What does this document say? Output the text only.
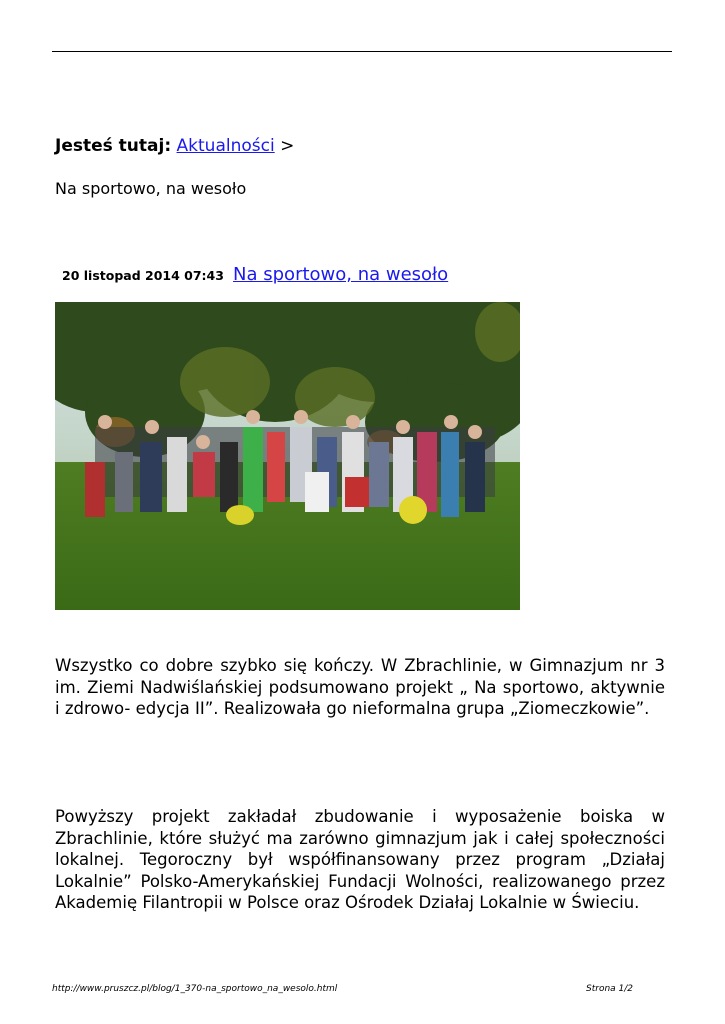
Jesteś tutaj: Aktualności >
Na sportowo, na wesoło
20 listopad 2014 07:43 Na sportowo, na wesoło
Wszystko co dobre szybko się kończy. W Zbrachlinie, w Gimnazjum nr 3 im. Ziemi Nadwiślańskiej podsumowano projekt „ Na sportowo, aktywnie i zdrowo- edycja II”. Realizowała go nieformalna grupa „Ziomeczkowie”.
Powyższy projekt zakładał zbudowanie i wyposażenie boiska w Zbrachlinie, które służyć ma zarówno gimnazjum jak i całej społeczności lokalnej. Tegoroczny był współfinansowany przez program „Działaj Lokalnie” Polsko-Amerykańskiej Fundacji Wolności, realizowanego przez Akademię Filantropii w Polsce oraz Ośrodek Działaj Lokalnie w Świeciu.
http://www.pruszcz.pl/blog/1_370-na_sportowo_na_wesolo.html	Strona 1/2
